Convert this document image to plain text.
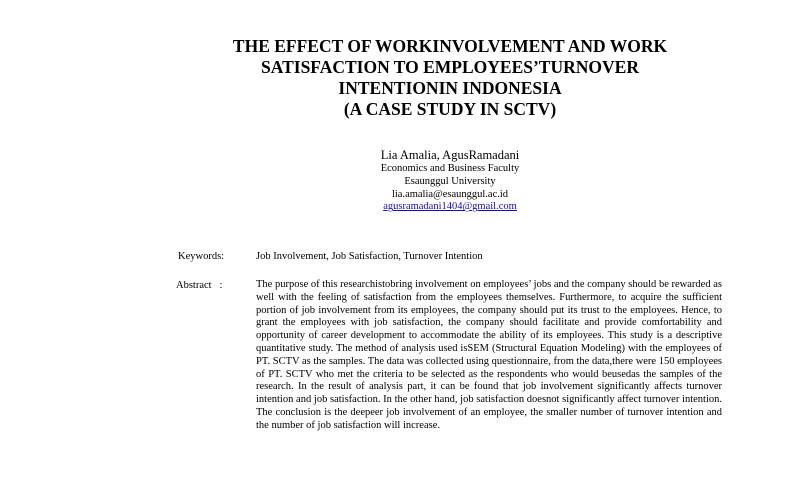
THE EFFECT OF WORKINVOLVEMENT AND WORK
SATISFACTION TO EMPLOYEES’TURNOVER
INTENTIONIN INDONESIA
(A CASE STUDY IN SCTV)
Lia Amalia, AgusRamadani
Economics and Business Faculty
Esaunggul University
lia.amalia@esaunggul.ac.id
agusramadani1404@gmail.com
Keywords:	Job Involvement, Job Satisfaction, Turnover Intention
Abstract   :	The purpose of this researchistobring involvement on employees’ jobs and the company should be rewarded as well with the feeling of satisfaction from the employees themselves. Furthermore, to acquire the sufficient portion of job involvement from its employees, the company should put its trust to the employees. Hence, to grant the employees with job satisfaction, the company should facilitate and provide comfortability and opportunity of career development to accommodate the ability of its employees. This study is a descriptive quantitative study. The method of analysis used isSEM (Structural Equation Modeling) with the employees of PT. SCTV as the samples. The data was collected using questionnaire, from the data,there were 150 employees of PT. SCTV who met the criteria to be selected as the respondents who would beusedas the samples of the research. In the result of analysis part, it can be found that job involvement significantly affects turnover intention and job satisfaction. In the other hand, job satisfaction doesnot significantly affect turnover intention. The conclusion is the deepeer job involvement of an employee, the smaller number of turnover intention and the number of job satisfaction will increase.
